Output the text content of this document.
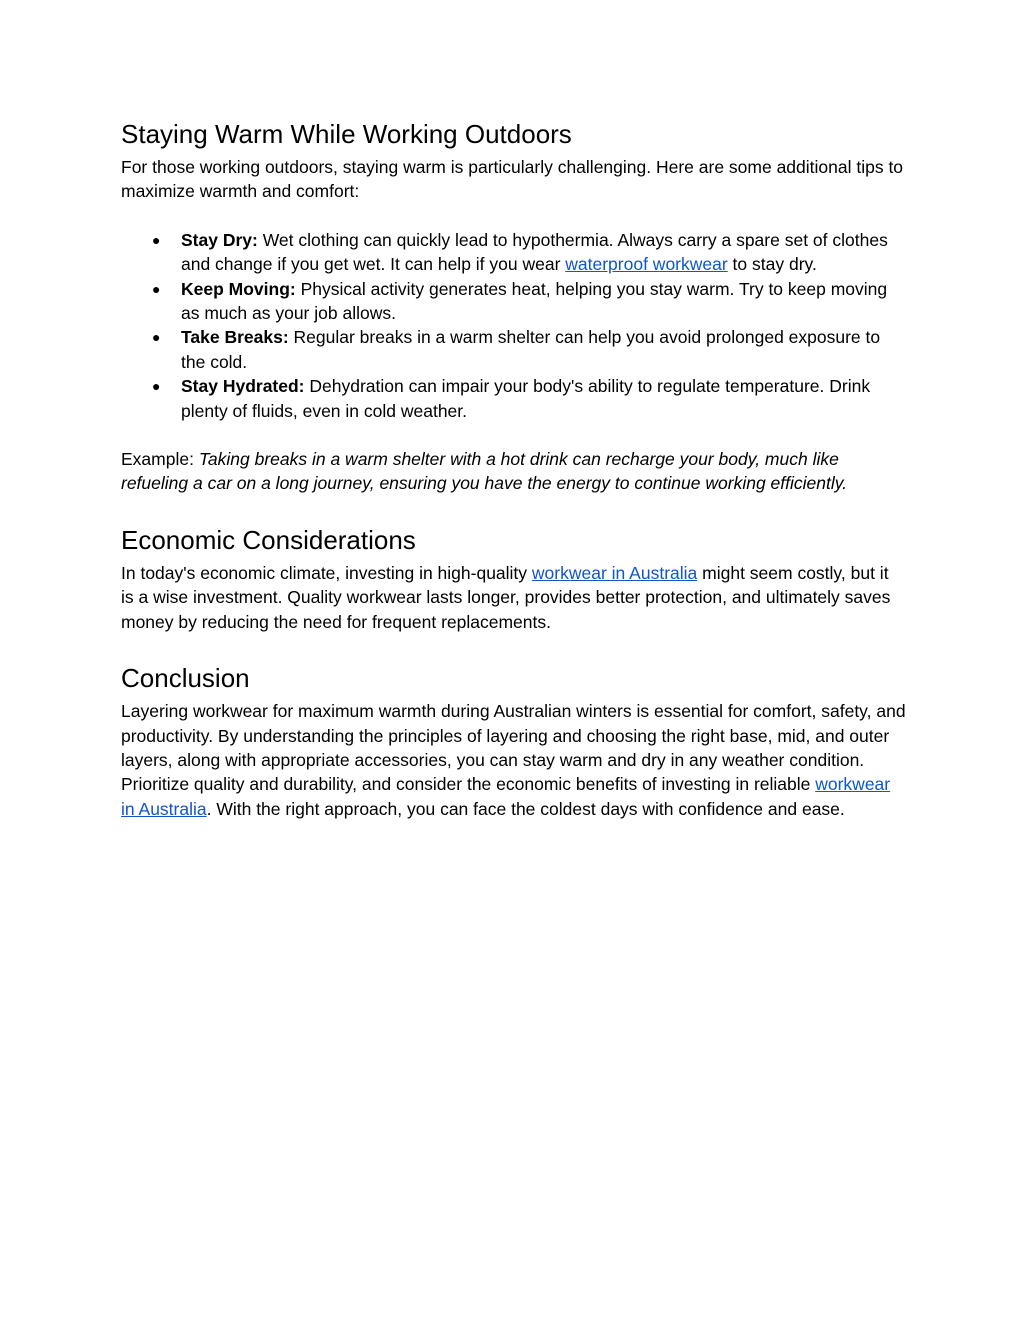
Staying Warm While Working Outdoors

For those working outdoors, staying warm is particularly challenging. Here are some additional tips to maximize warmth and comfort:

● Stay Dry: Wet clothing can quickly lead to hypothermia. Always carry a spare set of clothes and change if you get wet. It can help if you wear waterproof workwear to stay dry.
● Keep Moving: Physical activity generates heat, helping you stay warm. Try to keep moving as much as your job allows.
● Take Breaks: Regular breaks in a warm shelter can help you avoid prolonged exposure to the cold.
● Stay Hydrated: Dehydration can impair your body's ability to regulate temperature. Drink plenty of fluids, even in cold weather.

Example: Taking breaks in a warm shelter with a hot drink can recharge your body, much like refueling a car on a long journey, ensuring you have the energy to continue working efficiently.

Economic Considerations

In today's economic climate, investing in high-quality workwear in Australia might seem costly, but it is a wise investment. Quality workwear lasts longer, provides better protection, and ultimately saves money by reducing the need for frequent replacements.

Conclusion

Layering workwear for maximum warmth during Australian winters is essential for comfort, safety, and productivity. By understanding the principles of layering and choosing the right base, mid, and outer layers, along with appropriate accessories, you can stay warm and dry in any weather condition. Prioritize quality and durability, and consider the economic benefits of investing in reliable workwear in Australia. With the right approach, you can face the coldest days with confidence and ease.
